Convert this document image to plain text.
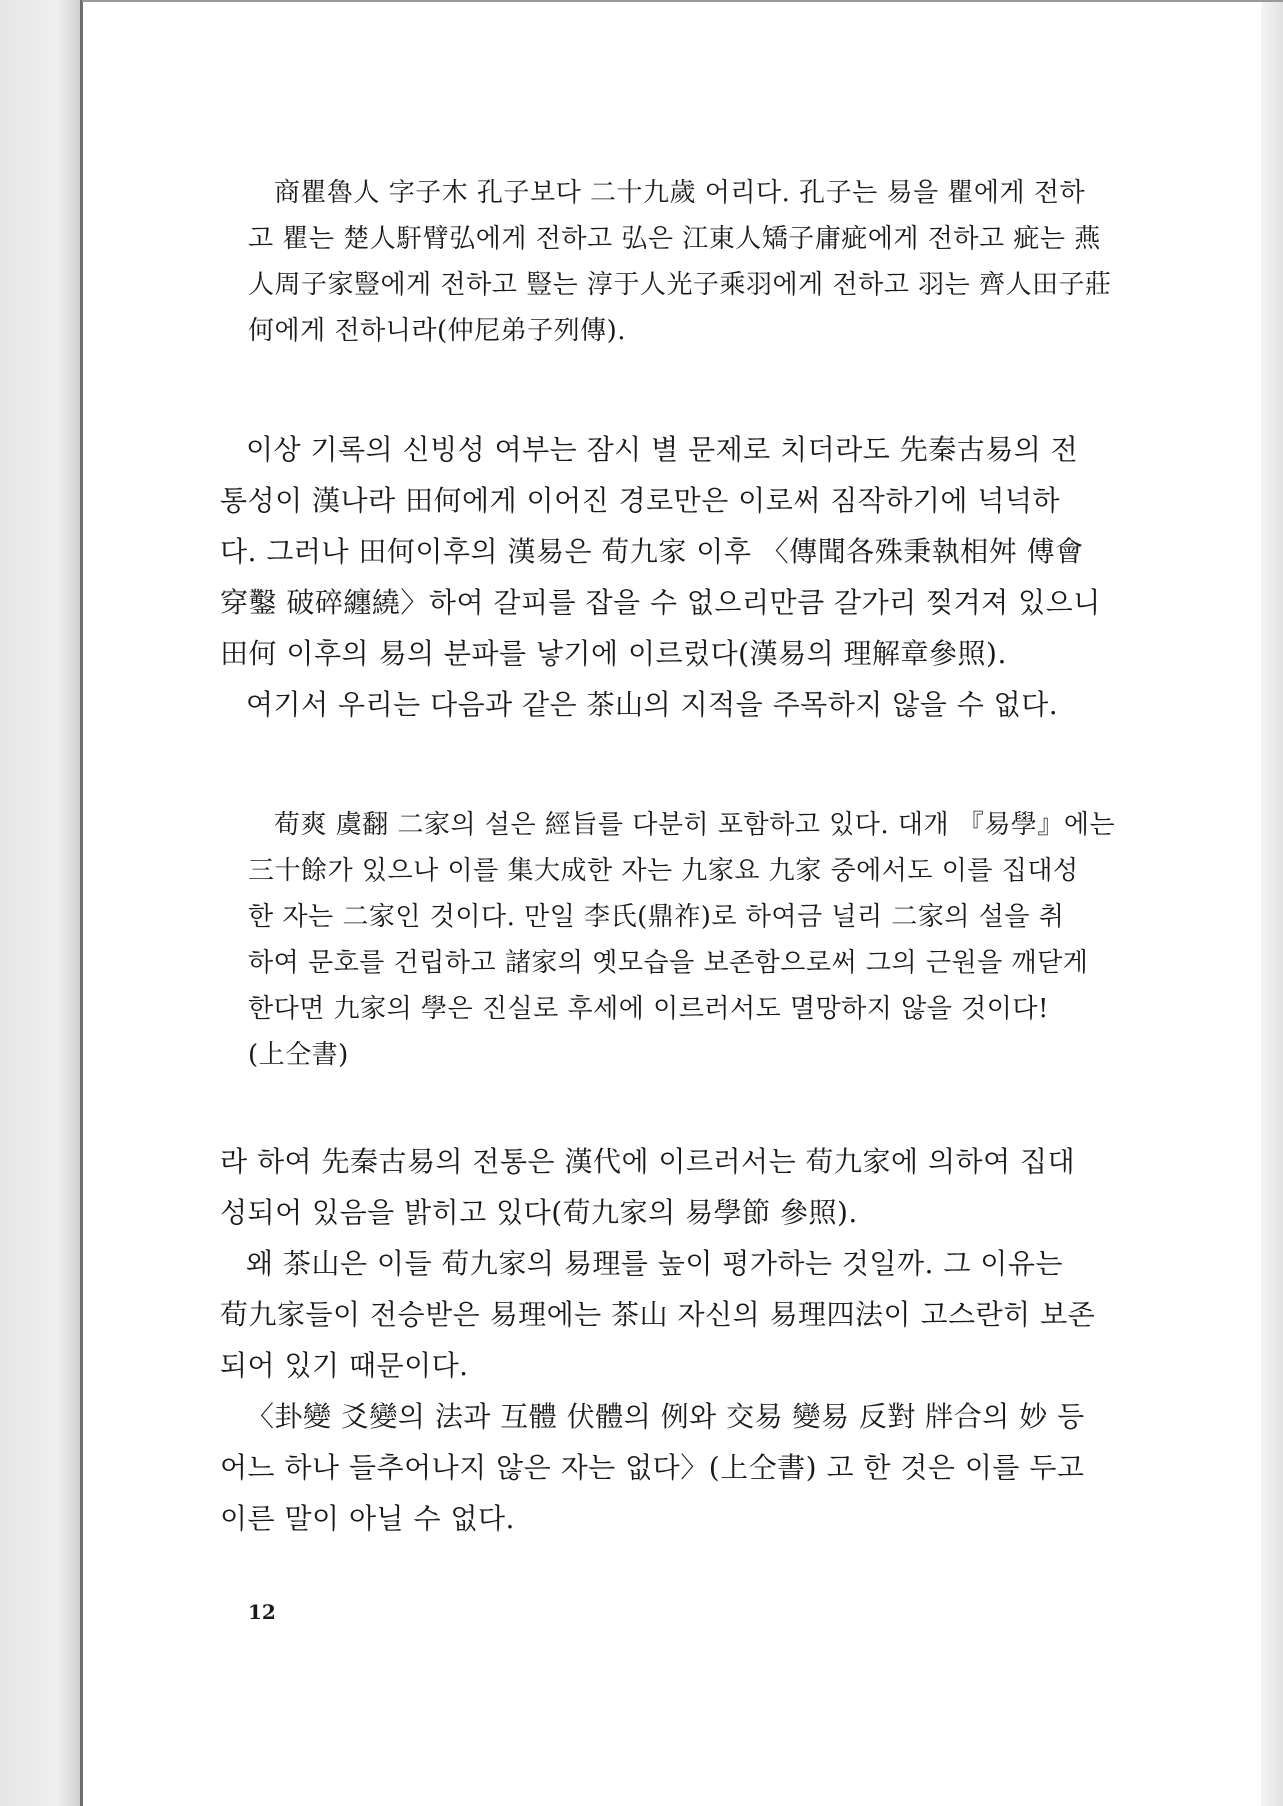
商瞿魯人 字子木 孔子보다 二十九歲 어리다. 孔子는 易을 瞿에게 전하

고 瞿는 楚人馯臂弘에게 전하고 弘은 江東人矯子庸疵에게 전하고 疵는 燕

人周子家豎에게 전하고 豎는 淳于人光子乘羽에게 전하고 羽는 齊人田子莊

何에게 전하니라(仲尼弟子列傳).

이상 기록의 신빙성 여부는 잠시 별 문제로 치더라도 先秦古易의 전

통성이 漢나라 田何에게 이어진 경로만은 이로써 짐작하기에 넉넉하

다. 그러나 田何이후의 漢易은 荀九家 이후 〈傳聞各殊秉執相舛 傅會

穿鑿 破碎纏繞〉하여 갈피를 잡을 수 없으리만큼 갈가리 찢겨져 있으니

田何 이후의 易의 분파를 낳기에 이르렀다(漢易의 理解章參照).

여기서 우리는 다음과 같은 茶山의 지적을 주목하지 않을 수 없다.

荀爽 虞翻 二家의 설은 經旨를 다분히 포함하고 있다. 대개 『易學』에는

三十餘가 있으나 이를 集大成한 자는 九家요 九家 중에서도 이를 집대성

한 자는 二家인 것이다. 만일 李氏(鼎祚)로 하여금 널리 二家의 설을 취

하여 문호를 건립하고 諸家의 옛모습을 보존함으로써 그의 근원을 깨닫게

한다면 九家의 學은 진실로 후세에 이르러서도 멸망하지 않을 것이다!

(上仝書)

라 하여 先秦古易의 전통은 漢代에 이르러서는 荀九家에 의하여 집대

성되어 있음을 밝히고 있다(荀九家의 易學節 參照).

왜 茶山은 이들 荀九家의 易理를 높이 평가하는 것일까. 그 이유는

荀九家들이 전승받은 易理에는 茶山 자신의 易理四法이 고스란히 보존

되어 있기 때문이다.

〈卦變 爻變의 法과 互體 伏體의 例와 交易 變易 反對 牉合의 妙 등

어느 하나 들추어나지 않은 자는 없다〉(上仝書) 고 한 것은 이를 두고

이른 말이 아닐 수 없다.

12
